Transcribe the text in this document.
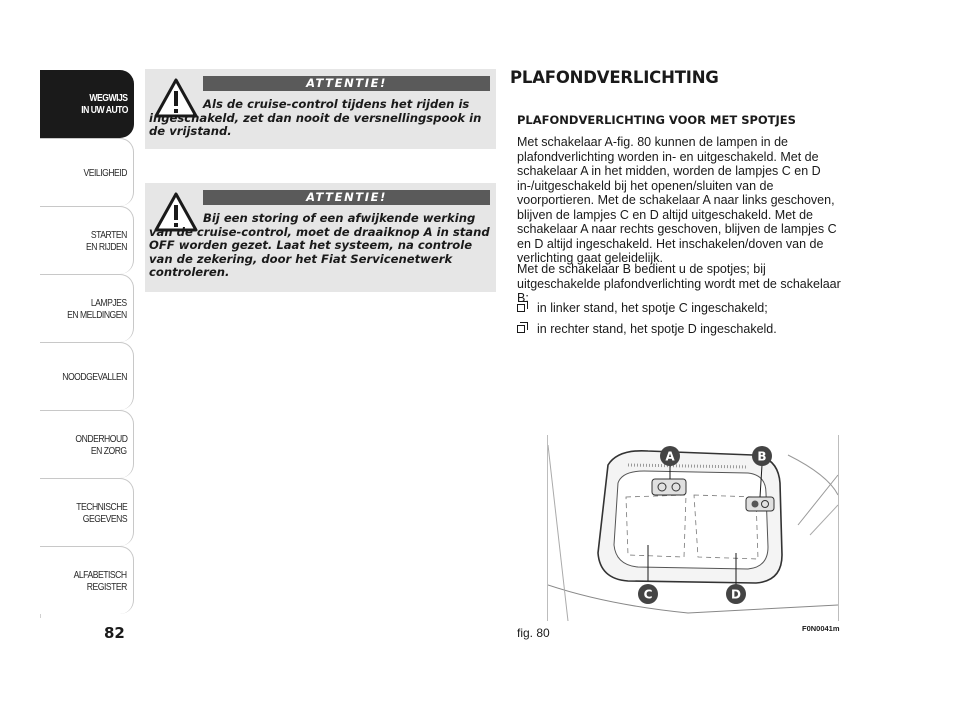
WEGWIJS
IN UW AUTO
VEILIGHEID
STARTEN
EN RIJDEN
LAMPJES
EN MELDINGEN
NOODGEVALLEN
ONDERHOUD
EN ZORG
TECHNISCHE
GEGEVENS
ALFABETISCH
REGISTER
82
ATTENTIE!
Als de cruise-control tijdens het rijden is ingeschakeld, zet dan nooit de versnellingspook in de vrijstand.
ATTENTIE!
Bij een storing of een afwijkende werking van de cruise-control, moet de draaiknop A in stand OFF worden gezet. Laat het systeem, na controle van de zekering, door het Fiat Servicenetwerk controleren.
PLAFONDVERLICHTING
PLAFONDVERLICHTING VOOR MET SPOTJES
Met schakelaar A-fig. 80 kunnen de lampen in de plafondverlichting worden in- en uitgeschakeld. Met de schakelaar A in het midden, worden de lampjes C en D in-/uitgeschakeld bij het openen/sluiten van de voorportieren. Met de schakelaar A naar links geschoven, blijven de lampjes C en D altijd uitgeschakeld. Met de schakelaar A naar rechts geschoven, blijven de lampjes C en D altijd ingeschakeld. Het inschakelen/doven van de verlichting gaat geleidelijk.
Met de schakelaar B bedient u de spotjes; bij uitgeschakelde plafondverlichting wordt met de schakelaar B:
in linker stand, het spotje C ingeschakeld;
in rechter stand, het spotje D ingeschakeld.
A	B
C	D
fig. 80	F0N0041m
